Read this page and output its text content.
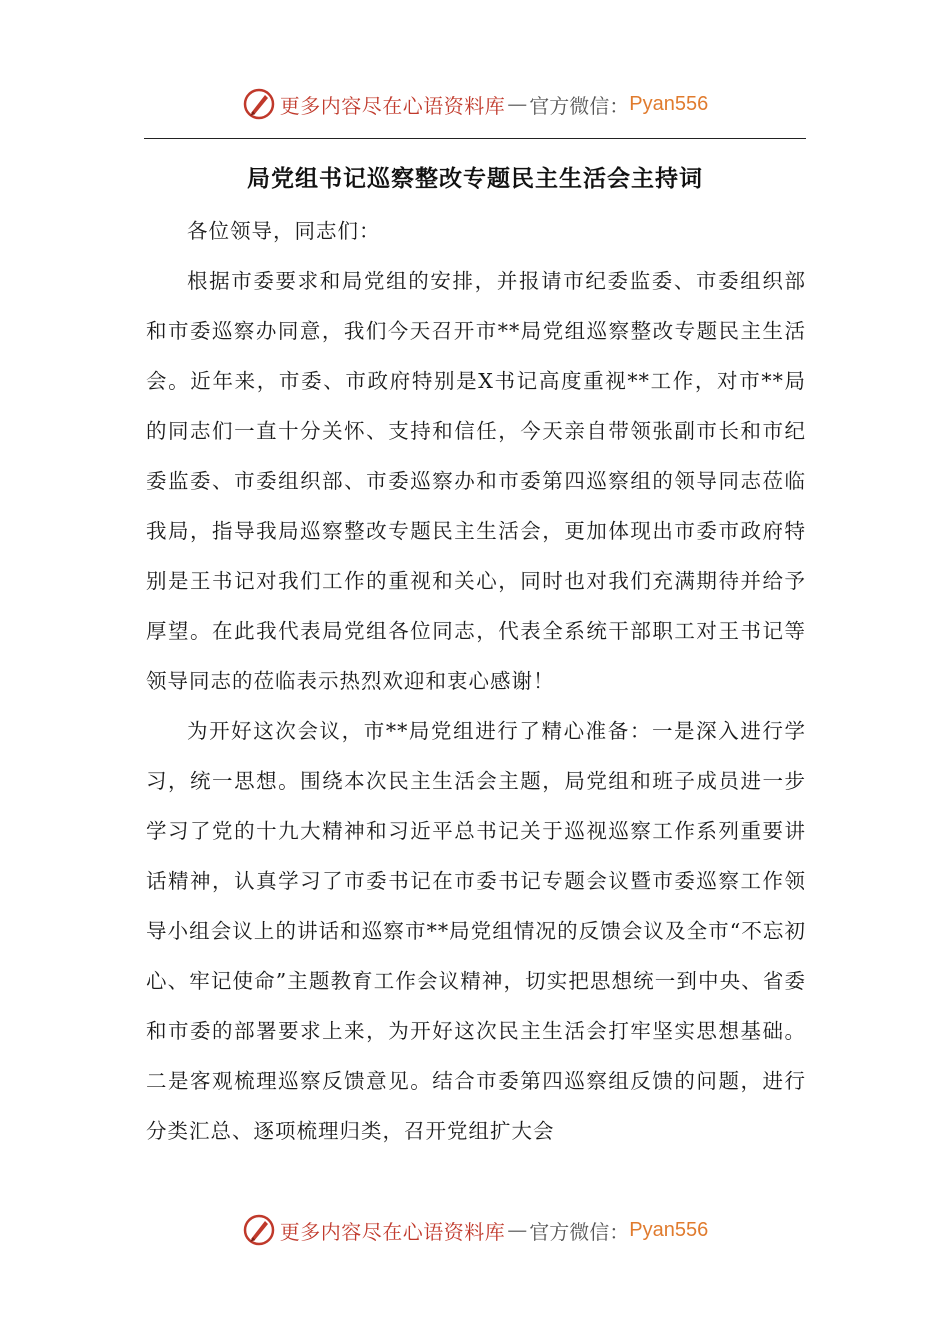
更多内容尽在心语资料库 — 官方微信： Pyan556
局党组书记巡察整改专题民主生活会主持词

各位领导，同志们：

根据市委要求和局党组的安排，并报请市纪委监委、市委组织部和市委巡察办同意，我们今天召开市**局党组巡察整改专题民主生活会。近年来，市委、市政府特别是X书记高度重视**工作，对市**局的同志们一直十分关怀、支持和信任，今天亲自带领张副市长和市纪委监委、市委组织部、市委巡察办和市委第四巡察组的领导同志莅临我局，指导我局巡察整改专题民主生活会，更加体现出市委市政府特别是王书记对我们工作的重视和关心，同时也对我们充满期待并给予厚望。在此我代表局党组各位同志，代表全系统干部职工对王书记等领导同志的莅临表示热烈欢迎和衷心感谢！

为开好这次会议，市**局党组进行了精心准备：一是深入进行学习，统一思想。围绕本次民主生活会主题，局党组和班子成员进一步学习了党的十九大精神和习近平总书记关于巡视巡察工作系列重要讲话精神，认真学习了市委书记在市委书记专题会议暨市委巡察工作领导小组会议上的讲话和巡察市**局党组情况的反馈会议及全市“不忘初心、牢记使命”主题教育工作会议精神，切实把思想统一到中央、省委和市委的部署要求上来，为开好这次民主生活会打牢坚实思想基础。二是客观梳理巡察反馈意见。结合市委第四巡察组反馈的问题，进行分类汇总、逐项梳理归类，召开党组扩大会

更多内容尽在心语资料库 — 官方微信： Pyan556
